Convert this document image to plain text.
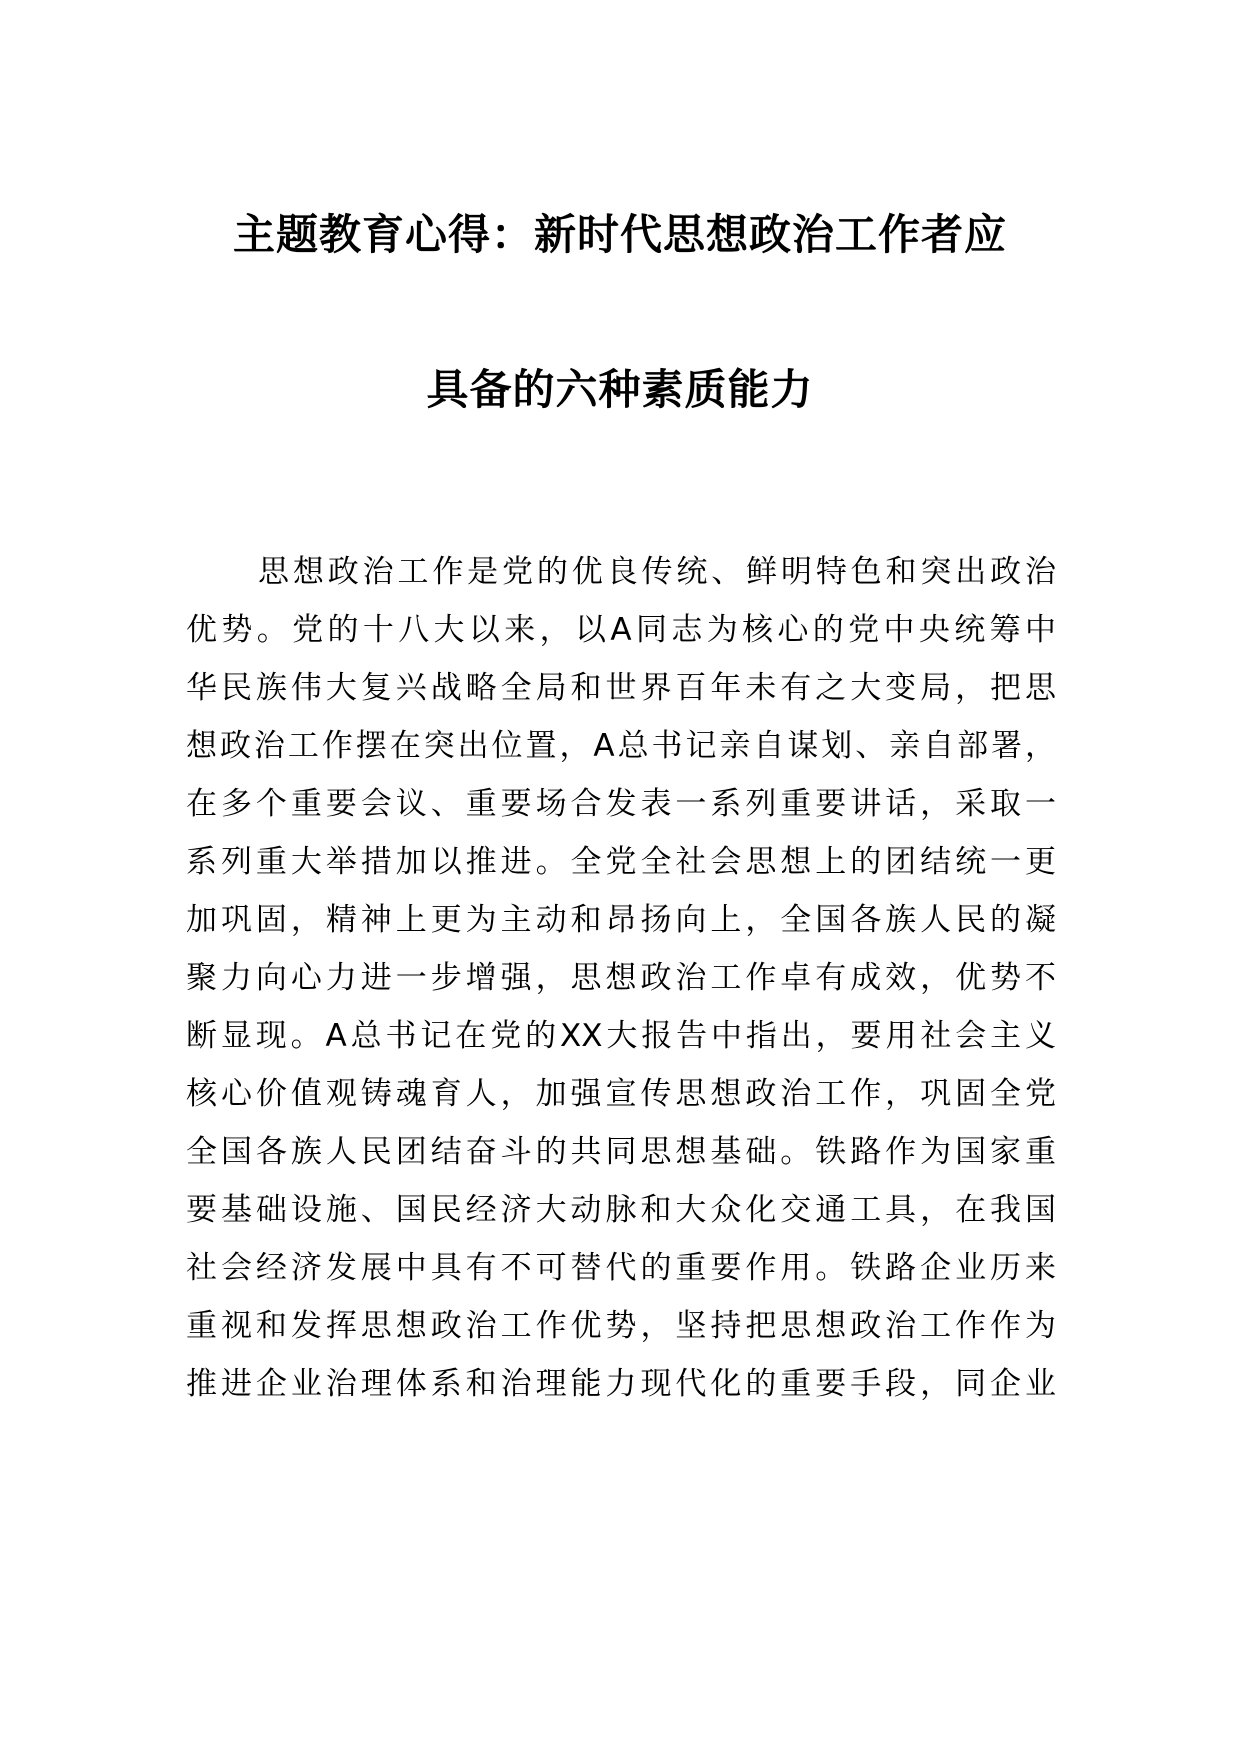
主题教育心得：新时代思想政治工作者应
具备的六种素质能力
思想政治工作是党的优良传统、鲜明特色和突出政治
优势。党的十八大以来，以A同志为核心的党中央统筹中
华民族伟大复兴战略全局和世界百年未有之大变局，把思
想政治工作摆在突出位置，A总书记亲自谋划、亲自部署，
在多个重要会议、重要场合发表一系列重要讲话，采取一
系列重大举措加以推进。全党全社会思想上的团结统一更
加巩固，精神上更为主动和昂扬向上，全国各族人民的凝
聚力向心力进一步增强，思想政治工作卓有成效，优势不
断显现。A总书记在党的XX大报告中指出，要用社会主义
核心价值观铸魂育人，加强宣传思想政治工作，巩固全党
全国各族人民团结奋斗的共同思想基础。铁路作为国家重
要基础设施、国民经济大动脉和大众化交通工具，在我国
社会经济发展中具有不可替代的重要作用。铁路企业历来
重视和发挥思想政治工作优势，坚持把思想政治工作作为
推进企业治理体系和治理能力现代化的重要手段，同企业
